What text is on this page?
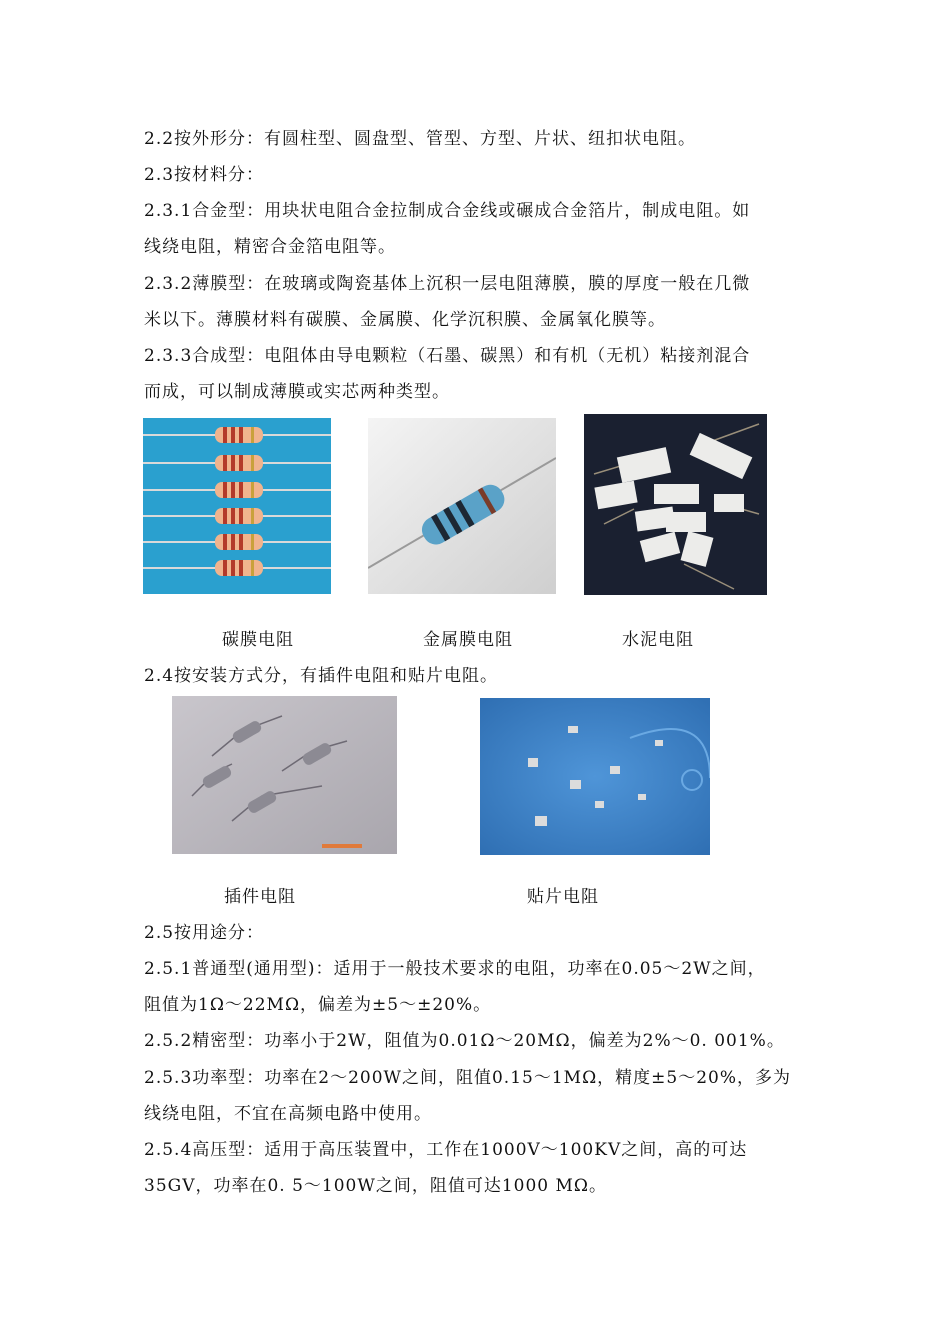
2.2按外形分：有圆柱型、圆盘型、管型、方型、片状、纽扣状电阻。
2.3按材料分：
2.3.1合金型：用块状电阻合金拉制成合金线或碾成合金箔片，制成电阻。如
线绕电阻，精密合金箔电阻等。
2.3.2薄膜型：在玻璃或陶瓷基体上沉积一层电阻薄膜，膜的厚度一般在几微
米以下。薄膜材料有碳膜、金属膜、化学沉积膜、金属氧化膜等。
2.3.3合成型：电阻体由导电颗粒（石墨、碳黑）和有机（无机）粘接剂混合
而成，可以制成薄膜或实芯两种类型。
碳膜电阻	金属膜电阻	水泥电阻
2.4按安装方式分，有插件电阻和贴片电阻。
插件电阻	贴片电阻
2.5按用途分：
2.5.1普通型(通用型)：适用于一般技术要求的电阻，功率在0.05～2W之间，
阻值为1Ω～22MΩ，偏差为±5～±20%。
2.5.2精密型：功率小于2W，阻值为0.01Ω～20MΩ，偏差为2%～0. 001%。
2.5.3功率型：功率在2～200W之间，阻值0.15～1MΩ，精度±5～20%，多为
线绕电阻，不宜在高频电路中使用。
2.5.4高压型：适用于高压装置中，工作在1000V～100KV之间，高的可达
35GV，功率在0. 5～100W之间，阻值可达1000 MΩ。
